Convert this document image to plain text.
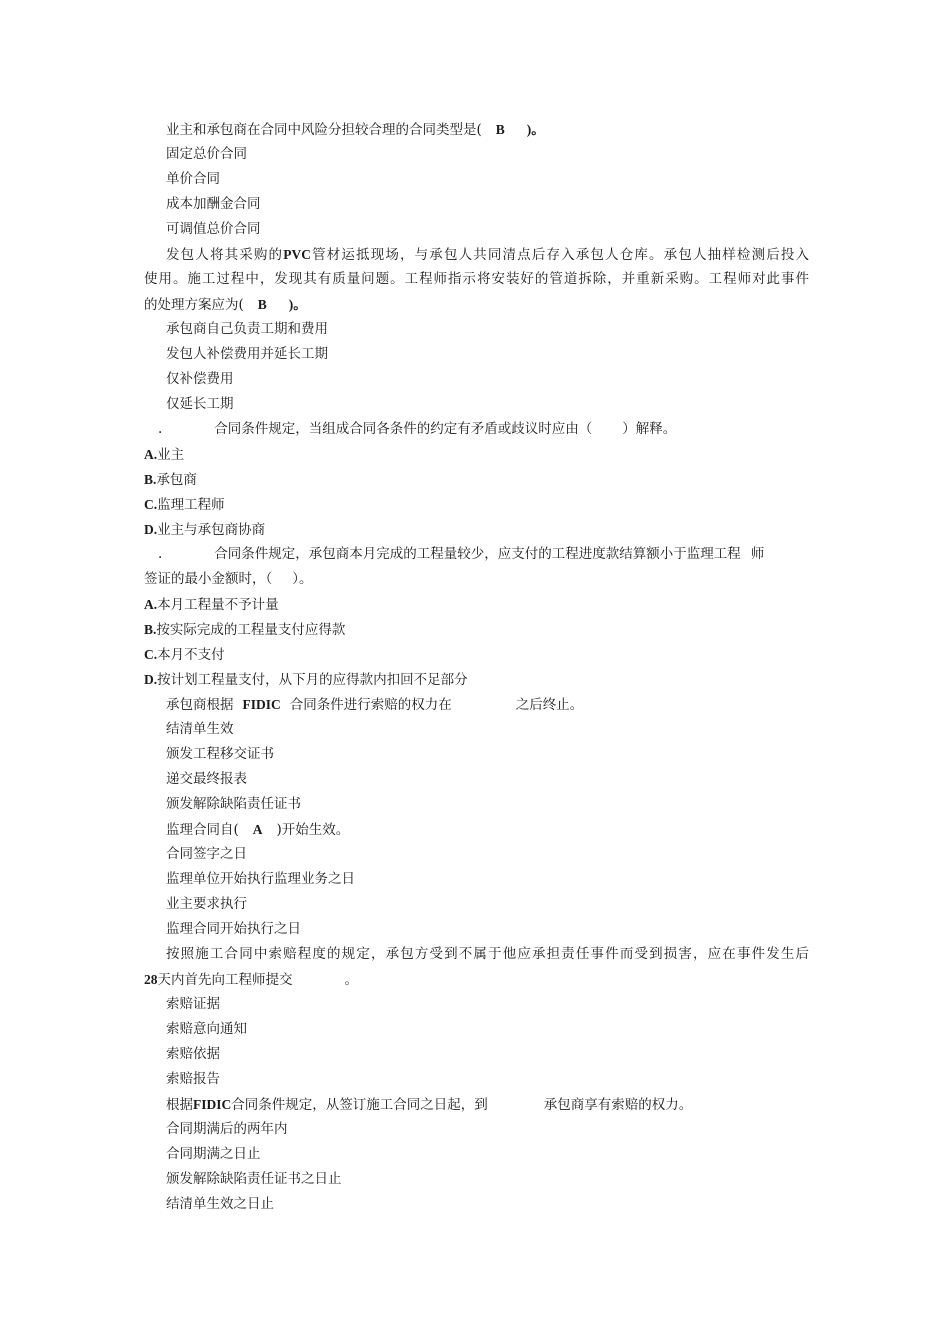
业主和承包商在合同中风险分担较合理的合同类型是( B )。
固定总价合同
单价合同
成本加酬金合同
可调值总价合同
发包人将其采购的PVC管材运抵现场，与承包人共同清点后存入承包人仓库。承包人抽样检测后投入
使用。施工过程中，发现其有质量问题。工程师指示将安装好的管道拆除，并重新采购。工程师对此事件
的处理方案应为( B )。
承包商自己负责工期和费用
发包人补偿费用并延长工期
仅补偿费用
仅延长工期
.	合同条件规定，当组成合同各条件的约定有矛盾或歧议时应由（ ）解释。
A.业主
B.承包商
C.监理工程师
D.业主与承包商协商
.	合同条件规定，承包商本月完成的工程量较少，应支付的工程进度款结算额小于监理工程 师
签证的最小金额时，（ ）。
A.本月工程量不予计量
B.按实际完成的工程量支付应得款
C.本月不支付
D.按计划工程量支付，从下月的应得款内扣回不足部分
承包商根据 FIDIC 合同条件进行索赔的权力在	之后终止。
结清单生效
颁发工程移交证书
递交最终报表
颁发解除缺陷责任证书
监理合同自( A )开始生效。
合同签字之日
监理单位开始执行监理业务之日
业主要求执行
监理合同开始执行之日
按照施工合同中索赔程度的规定，承包方受到不属于他应承担责任事件而受到损害，应在事件发生后
28天内首先向工程师提交	。
索赔证据
索赔意向通知
索赔依据
索赔报告
根据FIDIC合同条件规定，从签订施工合同之日起，到	承包商享有索赔的权力。
合同期满后的两年内
合同期满之日止
颁发解除缺陷责任证书之日止
结清单生效之日止
